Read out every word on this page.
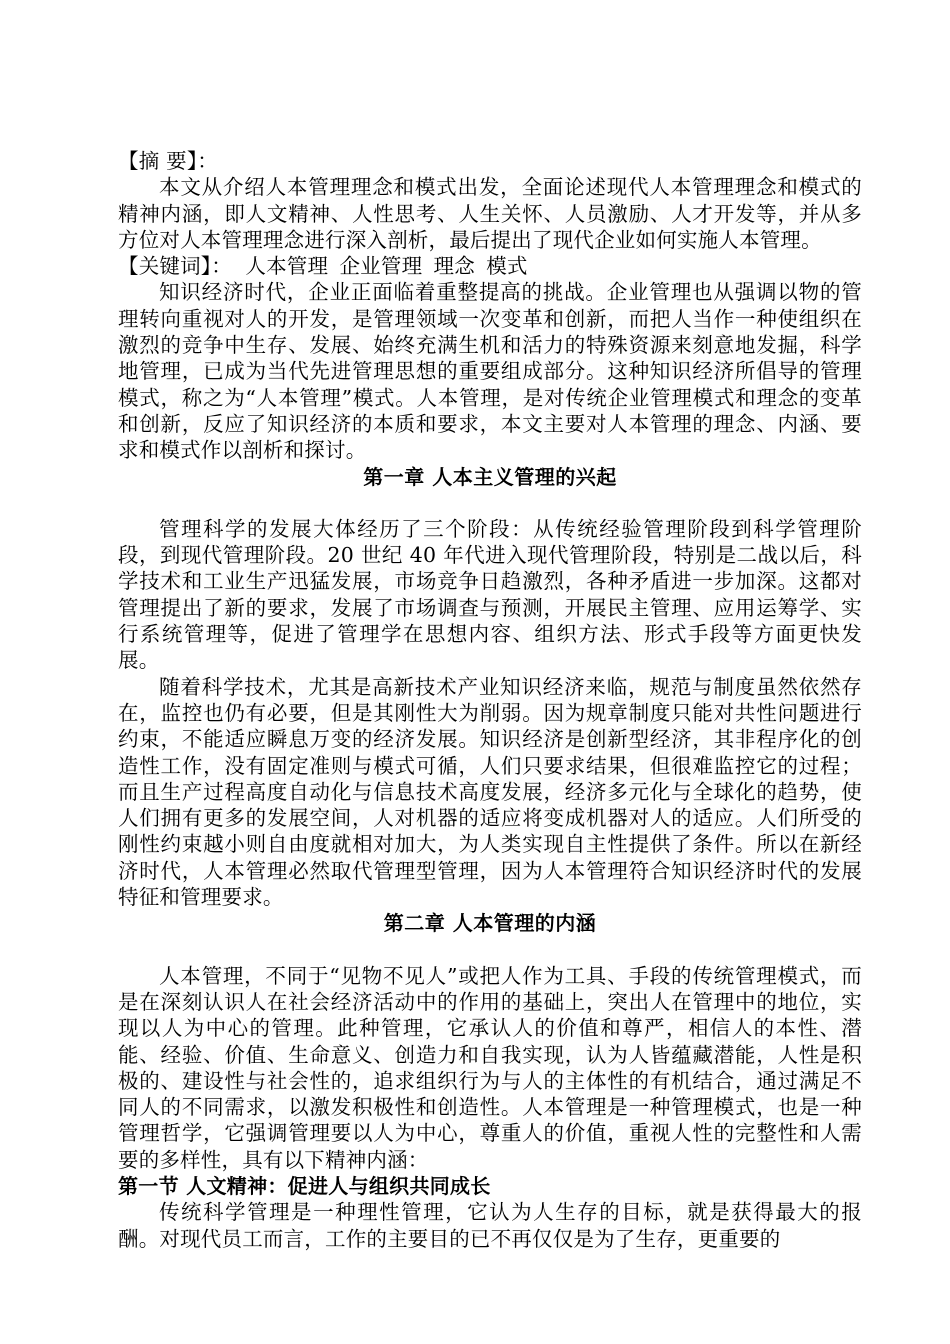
【摘 要】：

本文从介绍人本管理理念和模式出发，全面论述现代人本管理理念和模式的精神内涵，即人文精神、人性思考、人生关怀、人员激励、人才开发等，并从多方位对人本管理理念进行深入剖析，最后提出了现代企业如何实施人本管理。

【关键词】： 人本管理 企业管理 理念 模式

知识经济时代，企业正面临着重整提高的挑战。企业管理也从强调以物的管理转向重视对人的开发，是管理领域一次变革和创新，而把人当作一种使组织在激烈的竞争中生存、发展、始终充满生机和活力的特殊资源来刻意地发掘，科学地管理，已成为当代先进管理思想的重要组成部分。这种知识经济所倡导的管理模式，称之为“人本管理”模式。人本管理，是对传统企业管理模式和理念的变革和创新，反应了知识经济的本质和要求，本文主要对人本管理的理念、内涵、要求和模式作以剖析和探讨。

第一章 人本主义管理的兴起

管理科学的发展大体经历了三个阶段：从传统经验管理阶段到科学管理阶段，到现代管理阶段。20 世纪 40 年代进入现代管理阶段，特别是二战以后，科学技术和工业生产迅猛发展，市场竞争日趋激烈，各种矛盾进一步加深。这都对管理提出了新的要求，发展了市场调查与预测，开展民主管理、应用运筹学、实行系统管理等，促进了管理学在思想内容、组织方法、形式手段等方面更快发展。

随着科学技术，尤其是高新技术产业知识经济来临，规范与制度虽然依然存在，监控也仍有必要，但是其刚性大为削弱。因为规章制度只能对共性问题进行约束，不能适应瞬息万变的经济发展。知识经济是创新型经济，其非程序化的创造性工作，没有固定准则与模式可循，人们只要求结果，但很难监控它的过程；而且生产过程高度自动化与信息技术高度发展，经济多元化与全球化的趋势，使人们拥有更多的发展空间，人对机器的适应将变成机器对人的适应。人们所受的刚性约束越小则自由度就相对加大，为人类实现自主性提供了条件。所以在新经济时代，人本管理必然取代管理型管理，因为人本管理符合知识经济时代的发展特征和管理要求。

第二章 人本管理的内涵

人本管理，不同于“见物不见人”或把人作为工具、手段的传统管理模式，而是在深刻认识人在社会经济活动中的作用的基础上，突出人在管理中的地位，实现以人为中心的管理。此种管理，它承认人的价值和尊严，相信人的本性、潜能、经验、价值、生命意义、创造力和自我实现，认为人皆蕴藏潜能，人性是积极的、建设性与社会性的，追求组织行为与人的主体性的有机结合，通过满足不同人的不同需求，以激发积极性和创造性。人本管理是一种管理模式，也是一种管理哲学，它强调管理要以人为中心，尊重人的价值，重视人性的完整性和人需要的多样性，具有以下精神内涵：

第一节 人文精神：促进人与组织共同成长

传统科学管理是一种理性管理，它认为人生存的目标，就是获得最大的报酬。对现代员工而言，工作的主要目的已不再仅仅是为了生存，更重要的
